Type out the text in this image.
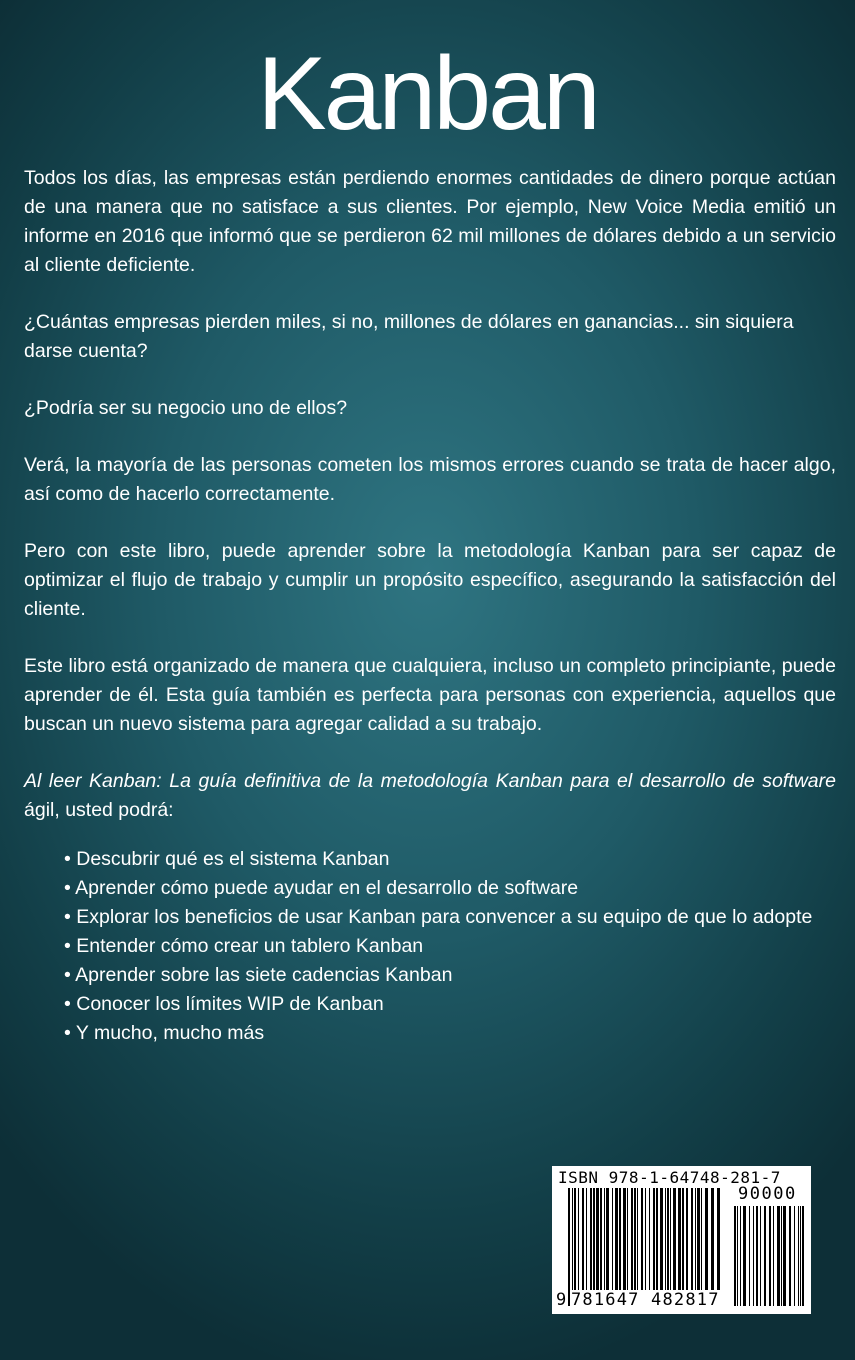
Kanban

Todos los días, las empresas están perdiendo enormes cantidades de dinero porque actúan de una manera que no satisface a sus clientes. Por ejemplo, New Voice Media emitió un informe en 2016 que informó que se perdieron 62 mil millones de dólares debido a un servicio al cliente deficiente.

¿Cuántas empresas pierden miles, si no, millones de dólares en ganancias... sin siquiera darse cuenta?

¿Podría ser su negocio uno de ellos?

Verá, la mayoría de las personas cometen los mismos errores cuando se trata de hacer algo, así como de hacerlo correctamente.

Pero con este libro, puede aprender sobre la metodología Kanban para ser capaz de optimizar el flujo de trabajo y cumplir un propósito específico, asegurando la satisfacción del cliente.

Este libro está organizado de manera que cualquiera, incluso un completo principiante, puede aprender de él. Esta guía también es perfecta para personas con experiencia, aquellos que buscan un nuevo sistema para agregar calidad a su trabajo.

Al leer Kanban: La guía definitiva de la metodología Kanban para el desarrollo de software ágil, usted podrá:

• Descubrir qué es el sistema Kanban
• Aprender cómo puede ayudar en el desarrollo de software
• Explorar los beneficios de usar Kanban para convencer a su equipo de que lo adopte
• Entender cómo crear un tablero Kanban
• Aprender sobre las siete cadencias Kanban
• Conocer los límites WIP de Kanban
• Y mucho, mucho más
ISBN 978-1-64748-281-7
90000
9 781647 482817
